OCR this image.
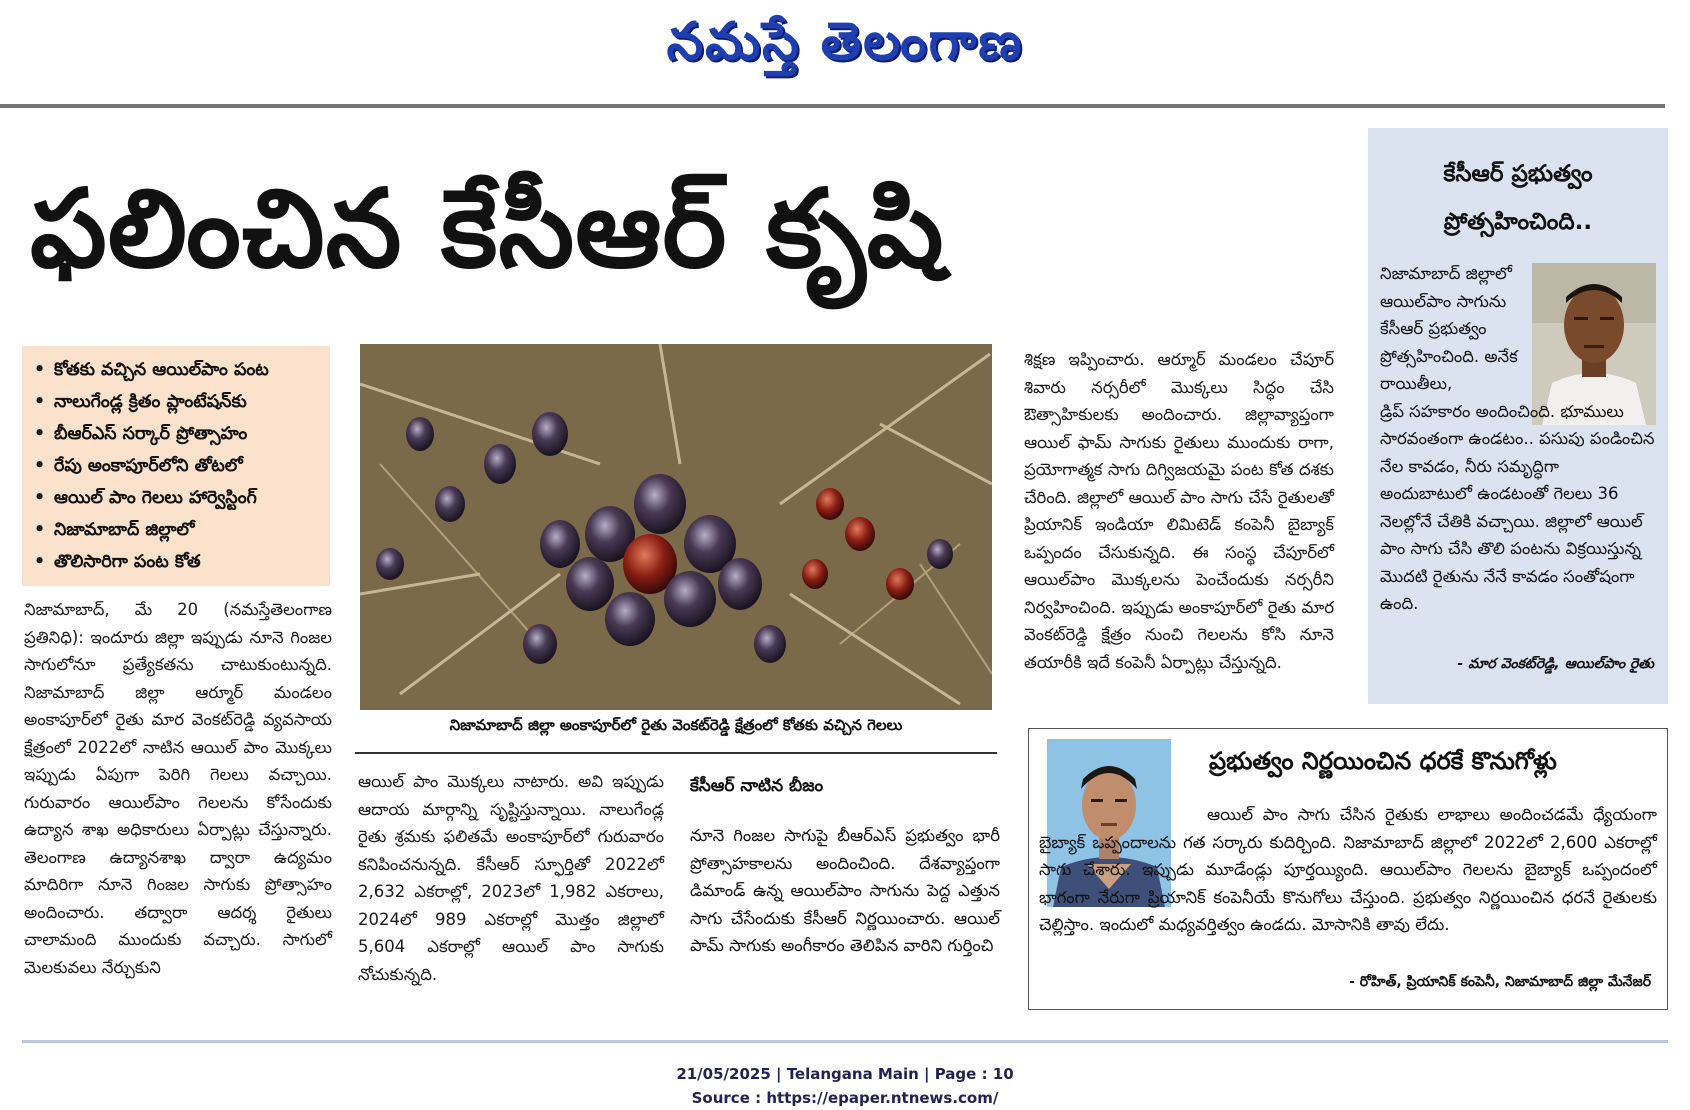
నమస్తే తెలంగాణ
ఫలించిన కేసీఆర్ కృషి
• కోతకు వచ్చిన ఆయిల్‌పాం పంట
• నాలుగేండ్ల క్రితం ప్లాంటేషన్‌కు
• బీఆర్‌ఎస్ సర్కార్ ప్రోత్సాహం
• రేపు అంకాపూర్‌లోని తోటలో
• ఆయిల్ పాం గెలలు హార్వెస్టింగ్
• నిజామాబాద్ జిల్లాలో
• తొలిసారిగా పంట కోత
నిజామాబాద్ జిల్లా అంకాపూర్‌లో రైతు వెంకట్‌రెడ్డి క్షేత్రంలో కోతకు వచ్చిన గెలలు
నిజామాబాద్, మే 20 (నమస్తేతెలంగాణ ప్రతినిధి): ఇందూరు జిల్లా ఇప్పుడు నూనె గింజల సాగులోనూ ప్రత్యేకతను చాటుకుంటున్నది. నిజామాబాద్ జిల్లా ఆర్మూర్ మండలం అంకాపూర్‌లో రైతు మార వెంకట్‌రెడ్డి వ్యవసాయ క్షేత్రంలో 2022లో నాటిన ఆయిల్ పాం మొక్కలు ఇప్పుడు ఏపుగా పెరిగి గెలలు వచ్చాయి. గురువారం ఆయిల్‌పాం గెలలను కోసేందుకు ఉద్యాన శాఖ అధికారులు ఏర్పాట్లు చేస్తున్నారు. తెలంగాణ ఉద్యానశాఖ ద్వారా ఉద్యమం మాదిరిగా నూనె గింజల సాగుకు ప్రోత్సాహం అందించారు. తద్వారా ఆదర్శ రైతులు చాలామంది ముందుకు వచ్చారు. సాగులో మెలకువలు నేర్చుకుని
ఆయిల్ పాం మొక్కలు నాటారు. అవి ఇప్పుడు ఆదాయ మార్గాన్ని సృష్టిస్తున్నాయి. నాలుగేండ్ల రైతు శ్రమకు ఫలితమే అంకాపూర్‌లో గురువారం కనిపించనున్నది. కేసీఆర్ స్ఫూర్తితో 2022లో 2,632 ఎకరాల్లో, 2023లో 1,982 ఎకరాలు, 2024లో 989 ఎకరాల్లో మొత్తం జిల్లాలో 5,604 ఎకరాల్లో ఆయిల్ పాం సాగుకు నోచుకున్నది.
కేసీఆర్ నాటిన బీజం
నూనె గింజల సాగుపై బీఆర్‌ఎస్ ప్రభుత్వం భారీ ప్రోత్సాహకాలను అందించింది. దేశవ్యాప్తంగా డిమాండ్ ఉన్న ఆయిల్‌పాం సాగును పెద్ద ఎత్తున సాగు చేసేందుకు కేసీఆర్ నిర్ణయించారు. ఆయిల్ పామ్ సాగుకు అంగీకారం తెలిపిన వారిని గుర్తించి
శిక్షణ ఇప్పించారు. ఆర్మూర్ మండలం చేపూర్ శివారు నర్సరీలో మొక్కలు సిద్ధం చేసి ఔత్సాహికులకు అందించారు. జిల్లావ్యాప్తంగా ఆయిల్ ఫామ్ సాగుకు రైతులు ముందుకు రాగా, ప్రయోగాత్మక సాగు దిగ్విజయమై పంట కోత దశకు చేరింది. జిల్లాలో ఆయిల్ పాం సాగు చేసే రైతులతో ప్రియానిక్ ఇండియా లిమిటెడ్ కంపెనీ బైబ్యాక్ ఒప్పందం చేసుకున్నది. ఈ సంస్థ చేపూర్‌లో ఆయిల్‌పాం మొక్కలను పెంచేందుకు నర్సరీని నిర్వహించింది. ఇప్పుడు అంకాపూర్‌లో రైతు మార వెంకట్‌రెడ్డి క్షేత్రం నుంచి గెలలను కోసి నూనె తయారీకి ఇదే కంపెనీ ఏర్పాట్లు చేస్తున్నది.
కేసీఆర్ ప్రభుత్వం
ప్రోత్సహించింది..
నిజామాబాద్ జిల్లాలో ఆయిల్‌పాం సాగును కేసీఆర్ ప్రభుత్వం ప్రోత్సహించింది. అనేక రాయితీలు,
డ్రిప్ సహకారం అందించింది. భూములు సారవంతంగా ఉండటం.. పసుపు పండించిన నేల కావడం, నీరు సమృద్ధిగా అందుబాటులో ఉండటంతో గెలలు 36 నెలల్లోనే చేతికి వచ్చాయి. జిల్లాలో ఆయిల్ పాం సాగు చేసి తొలి పంటను విక్రయిస్తున్న మొదటి రైతును నేనే కావడం సంతోషంగా ఉంది.
- మార వెంకట్‌రెడ్డి, ఆయిల్‌పాం రైతు
ప్రభుత్వం నిర్ణయించిన ధరకే కొనుగోళ్లు
ఆయిల్ పాం సాగు చేసిన రైతుకు లాభాలు అందించడమే ధ్యేయంగా బైబ్యాక్ ఒప్పందాలను గత సర్కారు కుదిర్చింది. నిజామాబాద్ జిల్లాలో 2022లో 2,600 ఎకరాల్లో సాగు చేశారు. ఇప్పుడు మూడేండ్లు పూర్తయ్యింది. ఆయిల్‌పాం గెలలను బైబ్యాక్ ఒప్పందంలో భాగంగా నేరుగా ప్రియానిక్ కంపెనీయే కొనుగోలు చేస్తుంది. ప్రభుత్వం నిర్ణయించిన ధరనే రైతులకు చెల్లిస్తాం. ఇందులో మధ్యవర్తిత్వం ఉండదు. మోసానికి తావు లేదు.
- రోహిత్, ప్రియానిక్ కంపెనీ, నిజామాబాద్ జిల్లా మేనేజర్
21/05/2025 | Telangana Main | Page : 10
Source : https://epaper.ntnews.com/
